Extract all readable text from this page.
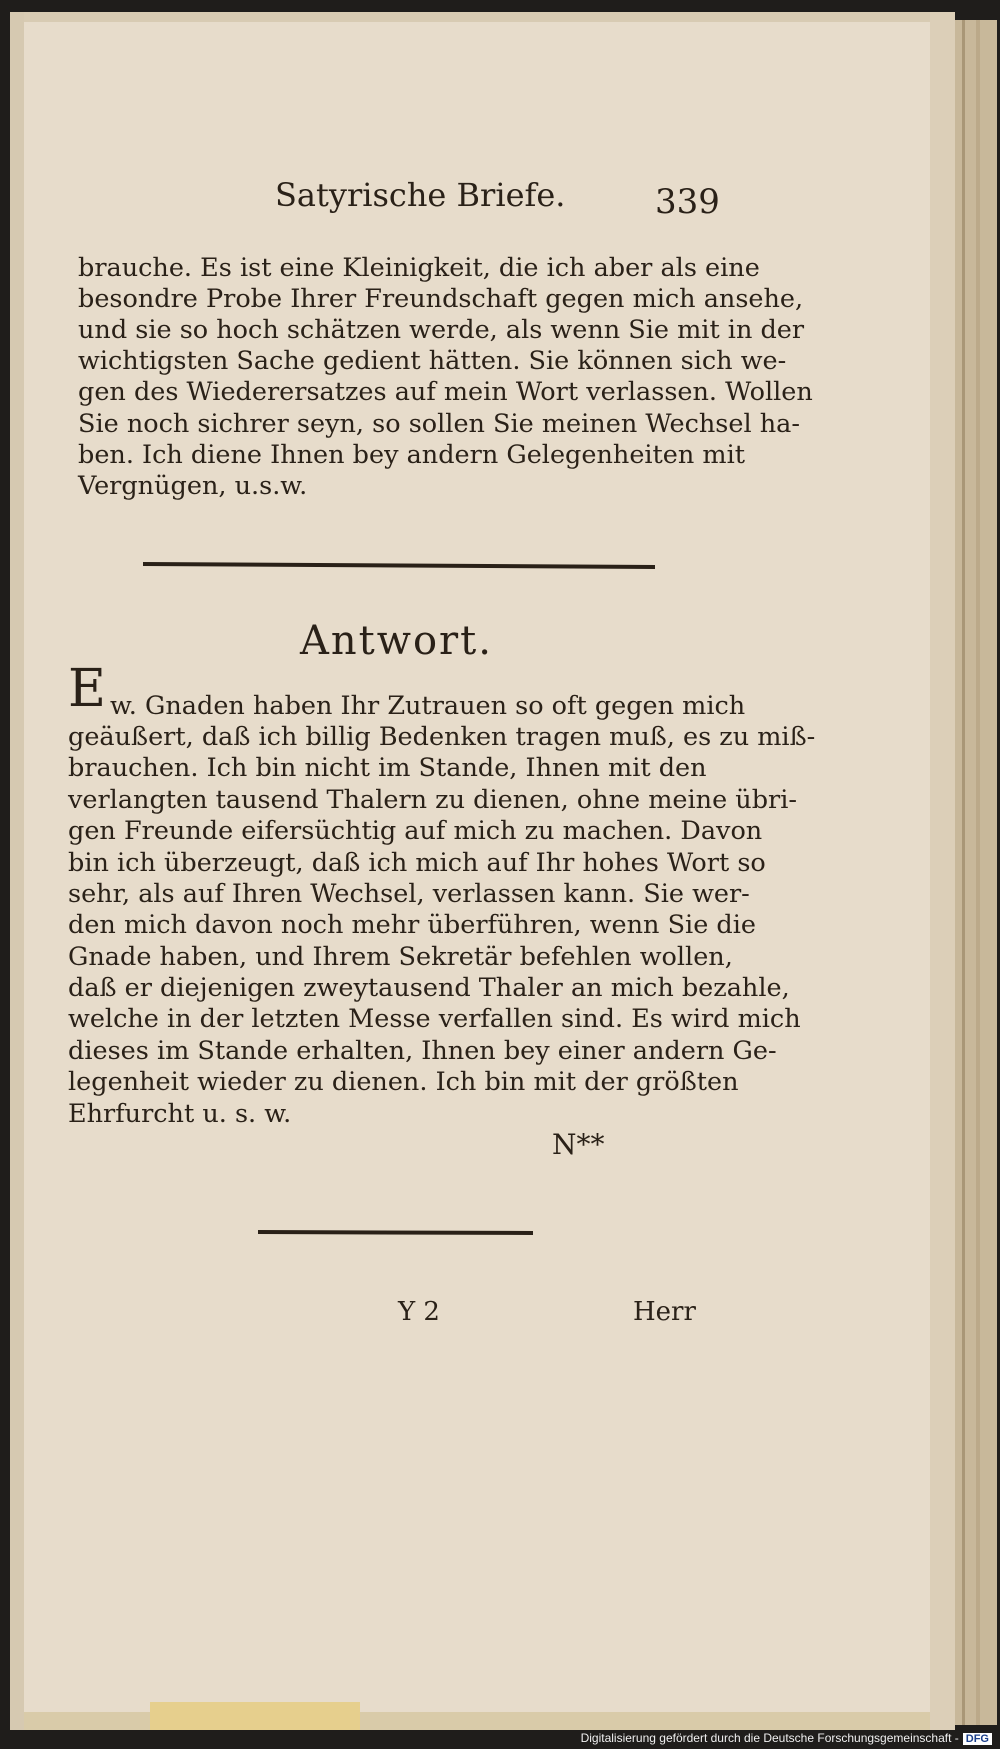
Satyrische Briefe.	339

brauche. Es ist eine Kleinigkeit, die ich aber als eine

besondre Probe Ihrer Freundschaft gegen mich ansehe,

und sie so hoch schätzen werde, als wenn Sie mit in der

wichtigsten Sache gedient hätten. Sie können sich we-

gen des Wiederersatzes auf mein Wort verlassen. Wollen

Sie noch sichrer seyn, so sollen Sie meinen Wechsel ha-

ben. Ich diene Ihnen bey andern Gelegenheiten mit

Vergnügen, u.s.w.

Antwort.

E w. Gnaden haben Ihr Zutrauen so oft gegen mich

geäußert, daß ich billig Bedenken tragen muß, es zu miß-

brauchen. Ich bin nicht im Stande, Ihnen mit den

verlangten tausend Thalern zu dienen, ohne meine übri-

gen Freunde eifersüchtig auf mich zu machen. Davon

bin ich überzeugt, daß ich mich auf Ihr hohes Wort so

sehr, als auf Ihren Wechsel, verlassen kann. Sie wer-

den mich davon noch mehr überführen, wenn Sie die

Gnade haben, und Ihrem Sekretär befehlen wollen,

daß er diejenigen zweytausend Thaler an mich bezahle,

welche in der letzten Messe verfallen sind. Es wird mich

dieses im Stande erhalten, Ihnen bey einer andern Ge-

legenheit wieder zu dienen. Ich bin mit der größten

Ehrfurcht u. s. w.

N**

Y 2	Herr

Digitalisierung gefördert durch die Deutsche Forschungsgemeinschaft - DFG
